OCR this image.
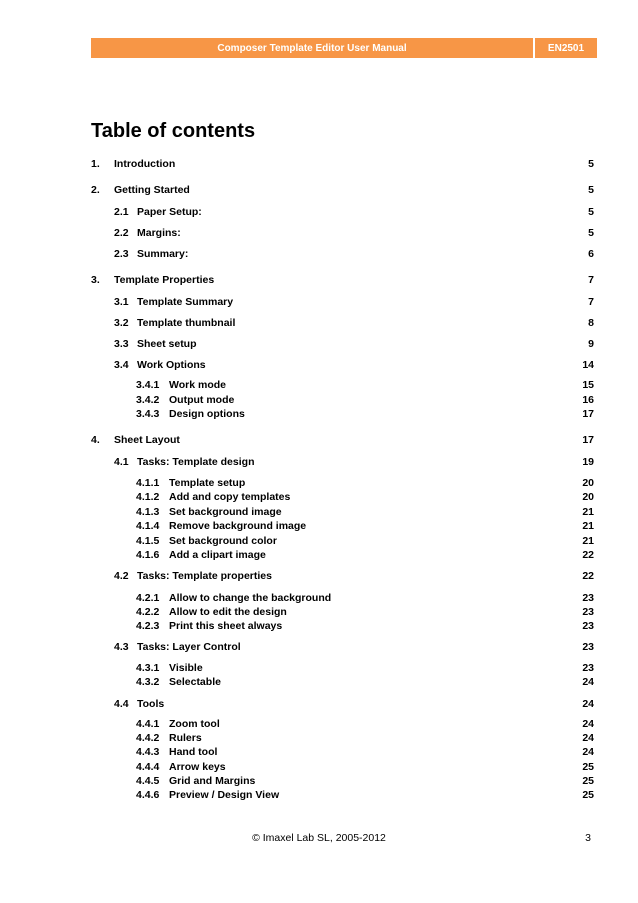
Composer Template Editor User Manual	EN2501
Table of contents
1. Introduction	5
2. Getting Started	5
2.1 Paper Setup:	5
2.2 Margins:	5
2.3 Summary:	6
3. Template Properties	7
3.1 Template Summary	7
3.2 Template thumbnail	8
3.3 Sheet setup	9
3.4 Work Options	14
3.4.1 Work mode	15
3.4.2 Output mode	16
3.4.3 Design options	17
4. Sheet Layout	17
4.1 Tasks: Template design	19
4.1.1 Template setup	20
4.1.2 Add and copy templates	20
4.1.3 Set background image	21
4.1.4 Remove background image	21
4.1.5 Set background color	21
4.1.6 Add a clipart image	22
4.2 Tasks: Template properties	22
4.2.1 Allow to change the background	23
4.2.2 Allow to edit the design	23
4.2.3 Print this sheet always	23
4.3 Tasks: Layer Control	23
4.3.1 Visible	23
4.3.2 Selectable	24
4.4 Tools	24
4.4.1 Zoom tool	24
4.4.2 Rulers	24
4.4.3 Hand tool	24
4.4.4 Arrow keys	25
4.4.5 Grid and Margins	25
4.4.6 Preview / Design View	25
© Imaxel Lab SL, 2005-2012	3
